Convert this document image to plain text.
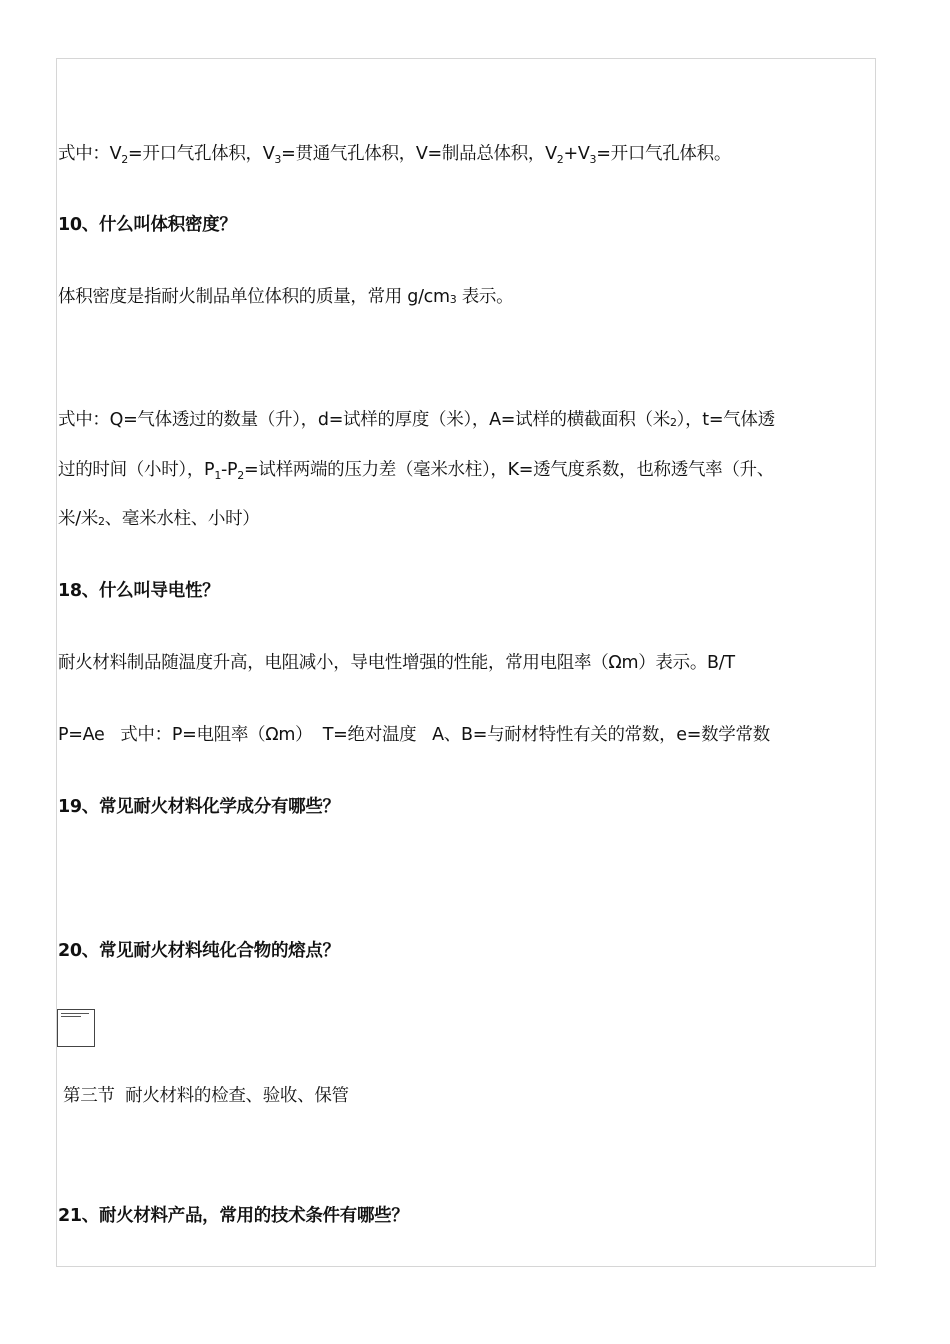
式中：$V_2=$开口气孔体积，$V_3=$贯通气孔体积，V=制品总体积，$V_2+V_3=$开口气孔体积。
10、什么叫体积密度？
体积密度是指耐火制品单位体积的质量，常用 g/cm3 表示。
式中：Q=气体透过的数量（升），d=试样的厚度（米），A=试样的横截面积（米2），t=气体透
过的时间（小时），$P_1-P_2=$试样两端的压力差（毫米水柱），K=透气度系数，也称透气率（升、
米/米2、毫米水柱、小时）
18、什么叫导电性？
耐火材料制品随温度升高，电阻减小，导电性增强的性能，常用电阻率（Ωm）表示。B/T
P=Ae   式中：P=电阻率（Ωm）  T=绝对温度   A、B=与耐材特性有关的常数，e=数学常数
19、常见耐火材料化学成分有哪些？
20、常见耐火材料纯化合物的熔点？
第三节  耐火材料的检查、验收、保管
21、耐火材料产品，常用的技术条件有哪些？
